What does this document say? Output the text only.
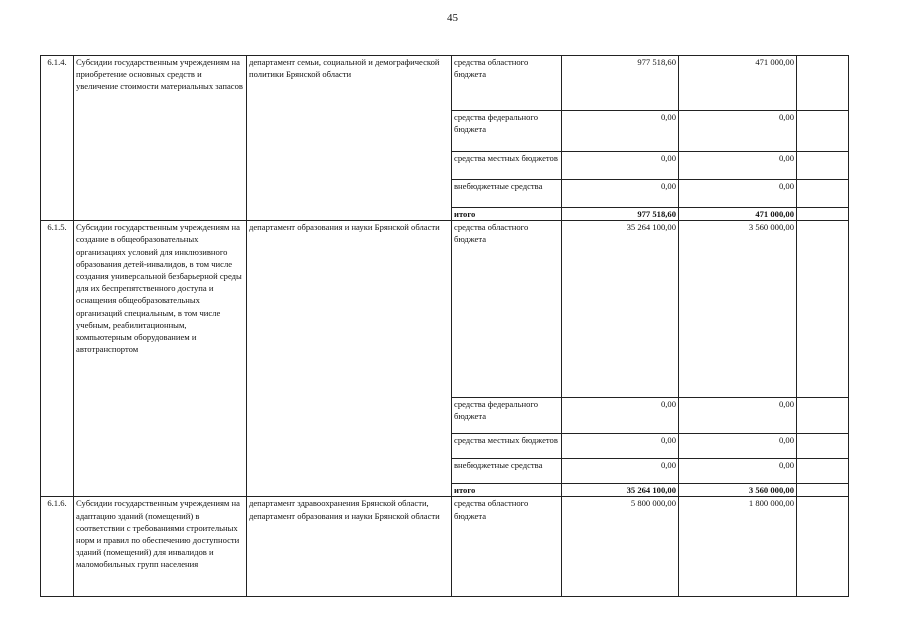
45
6.1.4.	Субсидии государственным учреждениям на приобретение основных средств и увеличение стоимости материальных запасов	департамент семьи, социальной и демографической политики Брянской области	средства областного бюджета	977 518,60	471 000,00	
			средства федерального бюджета	0,00	0,00	
			средства местных бюджетов	0,00	0,00	
			внебюджетные средства	0,00	0,00	
			итого	977 518,60	471 000,00	
6.1.5.	Субсидии государственным учреждениям на создание в общеобразовательных организациях условий для инклюзивного образования детей-инвалидов, в том числе создания универсальной безбарьерной среды для их беспрепятственного доступа и оснащения общеобразовательных организаций специальным, в том числе учебным, реабилитационным, компьютерным оборудованием и автотранспортом	департамент образования и науки Брянской области	средства областного бюджета	35 264 100,00	3 560 000,00	
			средства федерального бюджета	0,00	0,00	
			средства местных бюджетов	0,00	0,00	
			внебюджетные средства	0,00	0,00	
			итого	35 264 100,00	3 560 000,00	
6.1.6.	Субсидии государственным учреждениям на адаптацию зданий (помещений) в соответствии с требованиями строительных норм и правил по обеспечению доступности зданий (помещений) для инвалидов и маломобильных групп населения	департамент здравоохранения Брянской области, департамент образования и науки Брянской области	средства областного бюджета	5 800 000,00	1 800 000,00	
